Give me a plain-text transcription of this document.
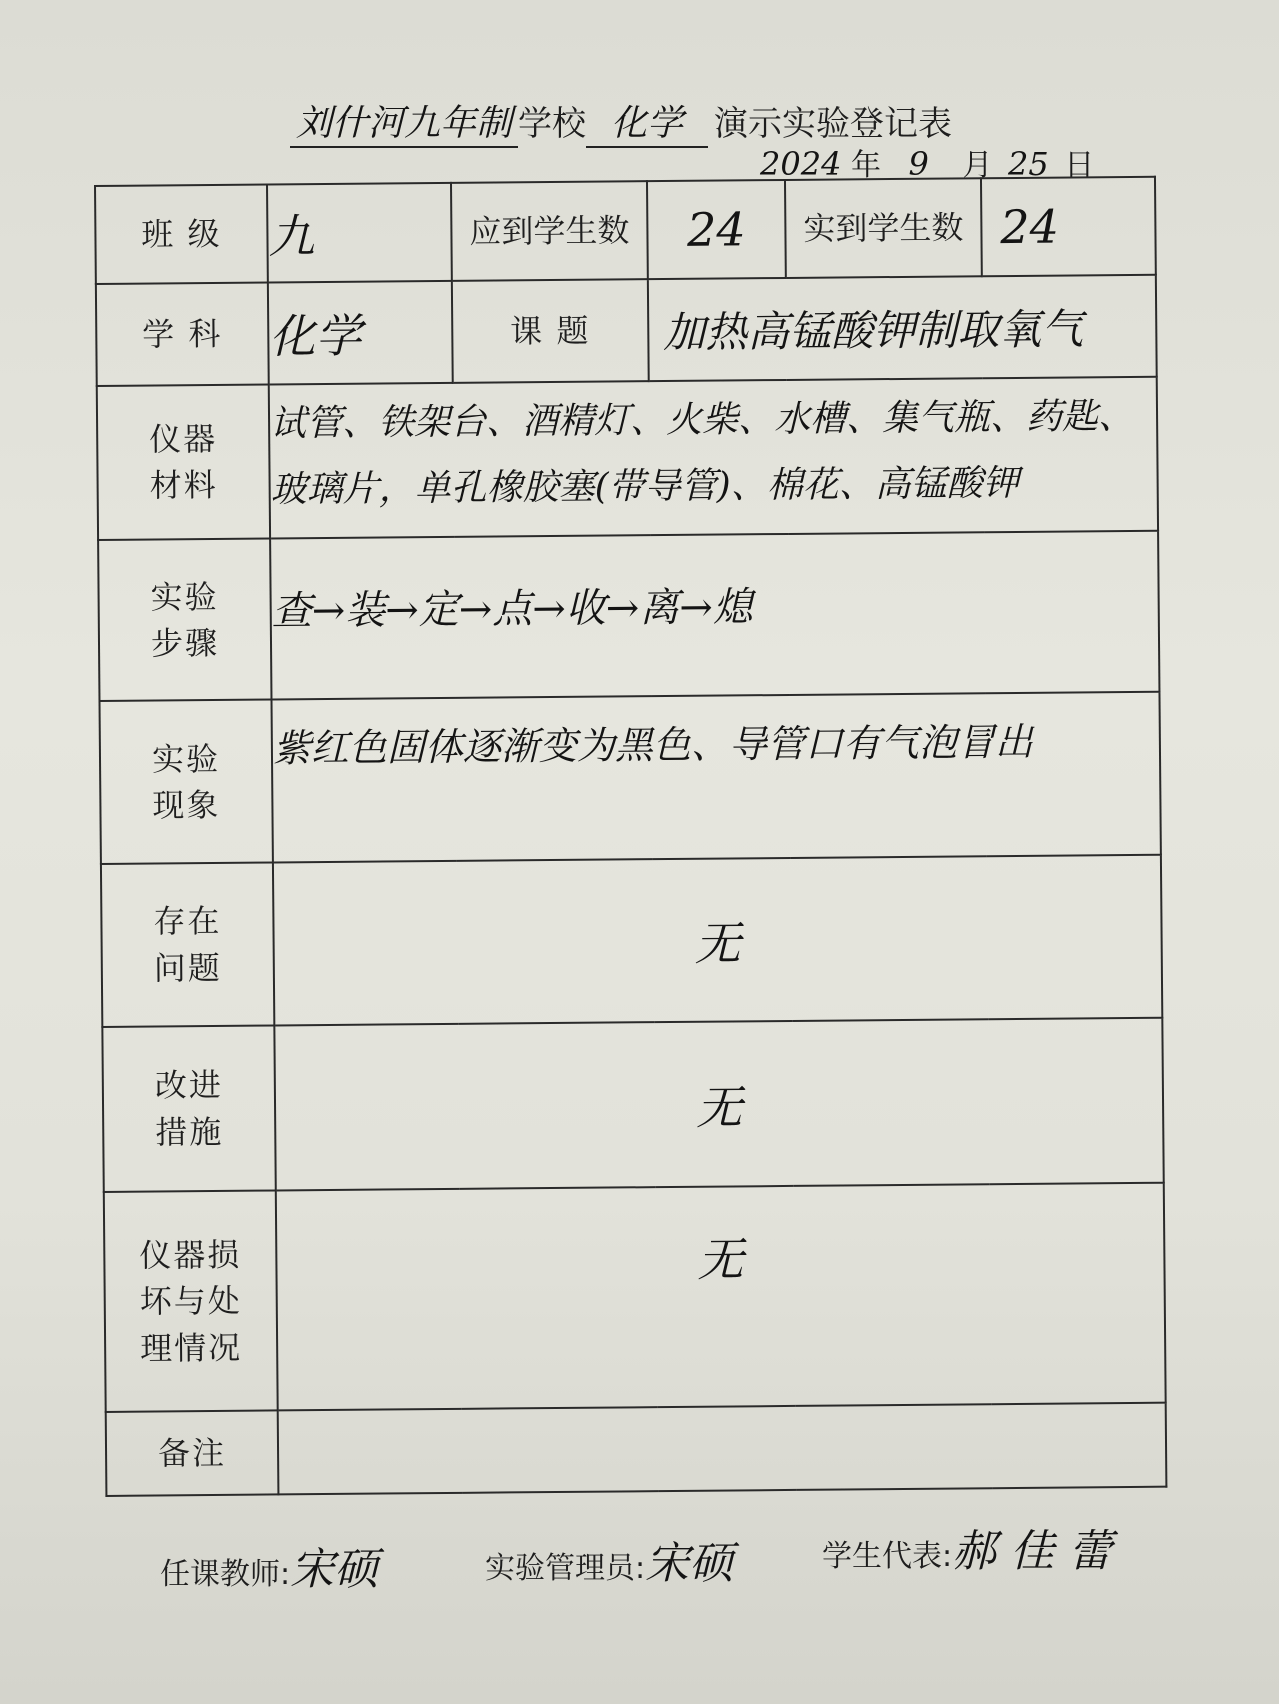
刘什河九年制 学校 化学 演示实验登记表
2024 年 9 月 25 日
班 级	九	应到学生数	24	实到学生数	24
学 科	化学	课 题	加热高锰酸钾制取氧气		
仪器材料	试管、铁架台、酒精灯、火柴、水槽、集气瓶、药匙、玻璃片，单孔橡胶塞(带导管)、棉花、高锰酸钾				
实验步骤	查→装→定→点→收→离→熄				
实验现象	紫红色固体逐渐变为黑色、导管口有气泡冒出				
存在问题	无				
改进措施	无				
仪器损坏与处理情况	无				
备注					
任课教师:宋硕	实验管理员:宋硕	学生代表:郝佳蕾
